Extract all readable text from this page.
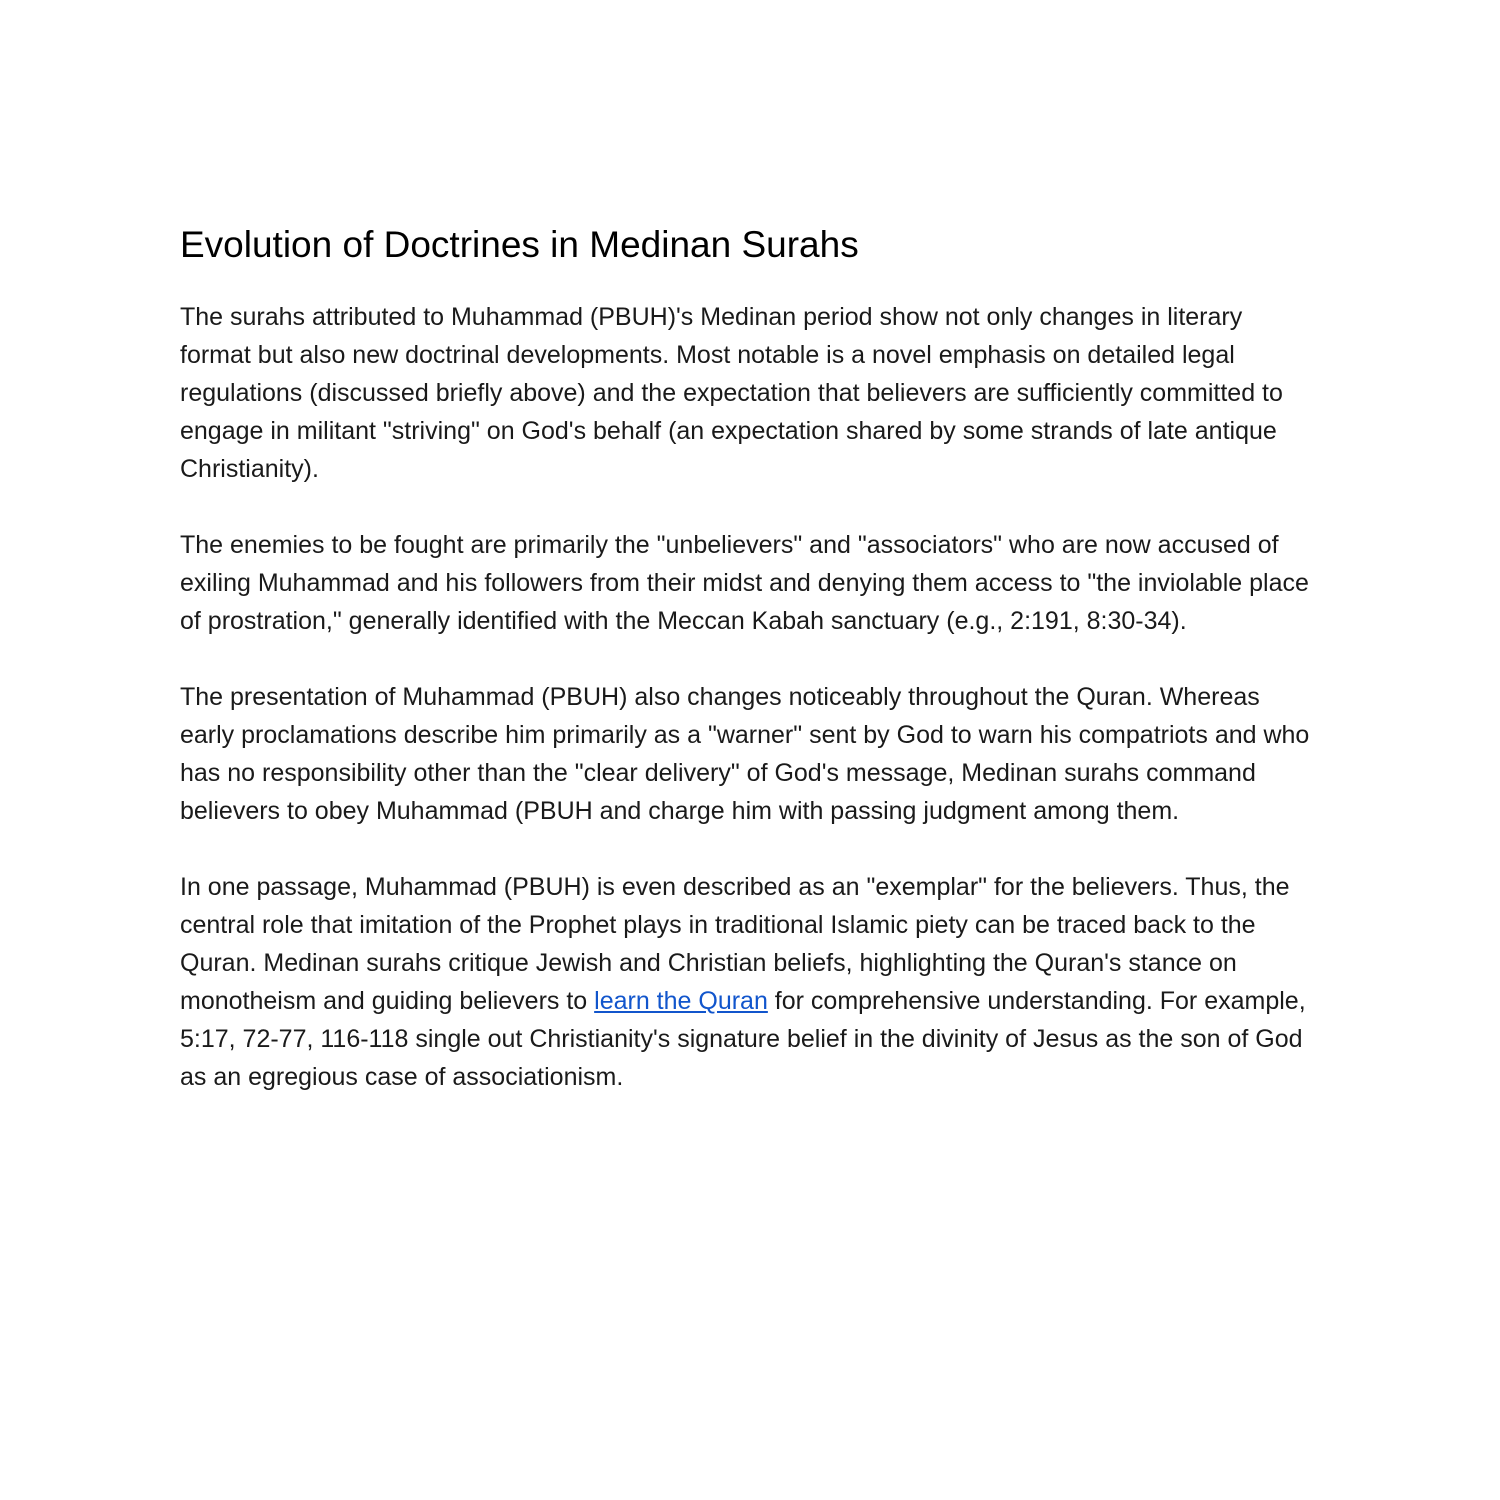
Evolution of Doctrines in Medinan Surahs

The surahs attributed to Muhammad (PBUH)'s Medinan period show not only changes in literary format but also new doctrinal developments. Most notable is a novel emphasis on detailed legal regulations (discussed briefly above) and the expectation that believers are sufficiently committed to engage in militant "striving" on God's behalf (an expectation shared by some strands of late antique Christianity).

The enemies to be fought are primarily the "unbelievers" and "associators" who are now accused of exiling Muhammad and his followers from their midst and denying them access to "the inviolable place of prostration," generally identified with the Meccan Kabah sanctuary (e.g., 2:191, 8:30-34).

The presentation of Muhammad (PBUH) also changes noticeably throughout the Quran. Whereas early proclamations describe him primarily as a "warner" sent by God to warn his compatriots and who has no responsibility other than the "clear delivery" of God's message, Medinan surahs command believers to obey Muhammad (PBUH and charge him with passing judgment among them.

In one passage, Muhammad (PBUH) is even described as an "exemplar" for the believers. Thus, the central role that imitation of the Prophet plays in traditional Islamic piety can be traced back to the Quran. Medinan surahs critique Jewish and Christian beliefs, highlighting the Quran's stance on monotheism and guiding believers to learn the Quran for comprehensive understanding. For example, 5:17, 72-77, 116-118 single out Christianity's signature belief in the divinity of Jesus as the son of God as an egregious case of associationism.
